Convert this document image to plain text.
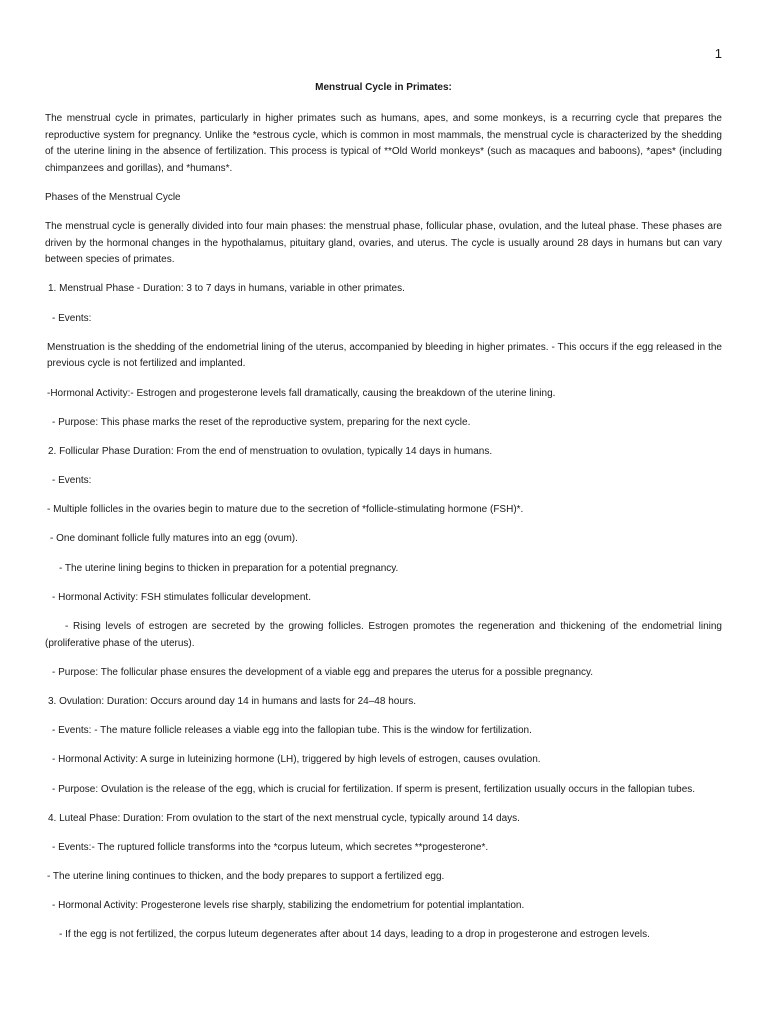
1
Menstrual Cycle in Primates:
The menstrual cycle in primates, particularly in higher primates such as humans, apes, and some monkeys, is a recurring cycle that prepares the reproductive system for pregnancy. Unlike the *estrous cycle, which is common in most mammals, the menstrual cycle is characterized by the shedding of the uterine lining in the absence of fertilization. This process is typical of **Old World monkeys* (such as macaques and baboons), *apes* (including chimpanzees and gorillas), and *humans*.
Phases of the Menstrual Cycle
The menstrual cycle is generally divided into four main phases: the menstrual phase, follicular phase, ovulation, and the luteal phase. These phases are driven by the hormonal changes in the hypothalamus, pituitary gland, ovaries, and uterus. The cycle is usually around 28 days in humans but can vary between species of primates.
1. Menstrual Phase - Duration: 3 to 7 days in humans, variable in other primates.
- Events:
Menstruation is the shedding of the endometrial lining of the uterus, accompanied by bleeding in higher primates. - This occurs if the egg released in the previous cycle is not fertilized and implanted.
-Hormonal Activity:- Estrogen and progesterone levels fall dramatically, causing the breakdown of the uterine lining.
- Purpose: This phase marks the reset of the reproductive system, preparing for the next cycle.
2. Follicular Phase Duration: From the end of menstruation to ovulation, typically 14 days in humans.
- Events:
- Multiple follicles in the ovaries begin to mature due to the secretion of *follicle-stimulating hormone (FSH)*.
- One dominant follicle fully matures into an egg (ovum).
- The uterine lining begins to thicken in preparation for a potential pregnancy.
- Hormonal Activity: FSH stimulates follicular development.
- Rising levels of estrogen are secreted by the growing follicles. Estrogen promotes the regeneration and thickening of the endometrial lining (proliferative phase of the uterus).
- Purpose: The follicular phase ensures the development of a viable egg and prepares the uterus for a possible pregnancy.
3. Ovulation: Duration: Occurs around day 14 in humans and lasts for 24–48 hours.
- Events: - The mature follicle releases a viable egg into the fallopian tube. This is the window for fertilization.
- Hormonal Activity: A surge in luteinizing hormone (LH), triggered by high levels of estrogen, causes ovulation.
- Purpose: Ovulation is the release of the egg, which is crucial for fertilization. If sperm is present, fertilization usually occurs in the fallopian tubes.
4. Luteal Phase: Duration: From ovulation to the start of the next menstrual cycle, typically around 14 days.
- Events:- The ruptured follicle transforms into the *corpus luteum, which secretes **progesterone*.
- The uterine lining continues to thicken, and the body prepares to support a fertilized egg.
- Hormonal Activity: Progesterone levels rise sharply, stabilizing the endometrium for potential implantation.
- If the egg is not fertilized, the corpus luteum degenerates after about 14 days, leading to a drop in progesterone and estrogen levels.
